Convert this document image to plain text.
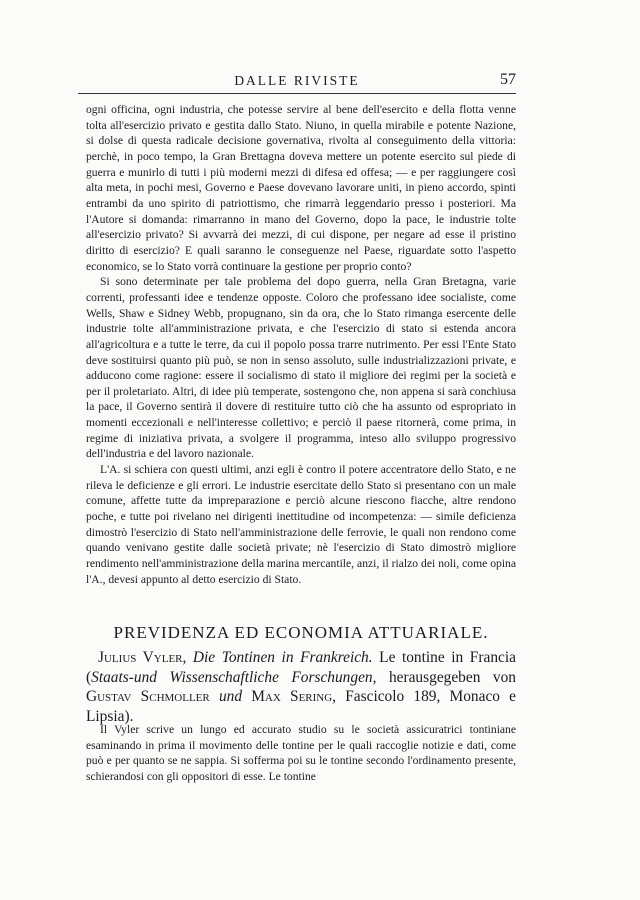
DALLE RIVISTE	57

ogni officina, ogni industria, che potesse servire al bene dell'esercito e della flotta venne tolta all'esercizio privato e gestita dallo Stato. Niuno, in quella mirabile e potente Nazione, si dolse di questa radicale decisione governativa, rivolta al conseguimento della vittoria: perchè, in poco tempo, la Gran Brettagna doveva mettere un potente esercito sul piede di guerra e munirlo di tutti i più moderni mezzi di difesa ed offesa; — e per raggiungere così alta meta, in pochi mesi, Governo e Paese dovevano lavorare uniti, in pieno accordo, spinti entrambi da uno spirito di patriottismo, che rimarrà leggendario presso i posteriori. Ma l'Autore si domanda: rimarranno in mano del Governo, dopo la pace, le industrie tolte all'esercizio privato? Si avvarrà dei mezzi, di cui dispone, per negare ad esse il pristino diritto di esercizio? E quali saranno le conseguenze nel Paese, riguardate sotto l'aspetto economico, se lo Stato vorrà continuare la gestione per proprio conto?

Si sono determinate per tale problema del dopo guerra, nella Gran Bretagna, varie correnti, professanti idee e tendenze opposte. Coloro che professano idee socialiste, come Wells, Shaw e Sidney Webb, propugnano, sin da ora, che lo Stato rimanga esercente delle industrie tolte all'amministrazione privata, e che l'esercizio di stato si estenda ancora all'agricoltura e a tutte le terre, da cui il popolo possa trarre nutrimento. Per essi l'Ente Stato deve sostituirsi quanto più può, se non in senso assoluto, sulle industrializzazioni private, e adducono come ragione: essere il socialismo di stato il migliore dei regimi per la società e per il proletariato. Altri, di idee più temperate, sostengono che, non appena si sarà conchiusa la pace, il Governo sentirà il dovere di restituire tutto ciò che ha assunto od espropriato in momenti eccezionali e nell'interesse collettivo; e perciò il paese ritornerà, come prima, in regime di iniziativa privata, a svolgere il programma, inteso allo sviluppo progressivo dell'industria e del lavoro nazionale.

L'A. si schiera con questi ultimi, anzi egli è contro il potere accentratore dello Stato, e ne rileva le deficienze e gli errori. Le industrie esercitate dello Stato si presentano con un male comune, affette tutte da impreparazione e perciò alcune riescono fiacche, altre rendono poche, e tutte poi rivelano nei dirigenti inettitudine od incompetenza: — simile deficienza dimostrò l'esercizio di Stato nell'amministrazione delle ferrovie, le quali non rendono come quando venivano gestite dalle società private; nè l'esercizio di Stato dimostrò migliore rendimento nell'amministrazione della marina mercantile, anzi, il rialzo dei noli, come opina l'A., devesi appunto al detto esercizio di Stato.

PREVIDENZA ED ECONOMIA ATTUARIALE.

Julius Vyler, Die Tontinen in Frankreich. Le tontine in Francia (Staats-und Wissenschaftliche Forschungen, herausgegeben von Gustav Schmoller und Max Sering, Fascicolo 189, Monaco e Lipsia).

Il Vyler scrive un lungo ed accurato studio su le società assicuratrici tontiniane esaminando in prima il movimento delle tontine per le quali raccoglie notizie e dati, come può e per quanto se ne sappia. Si sofferma poi su le tontine secondo l'ordinamento presente, schierandosi con gli oppositori di esse. Le tontine
